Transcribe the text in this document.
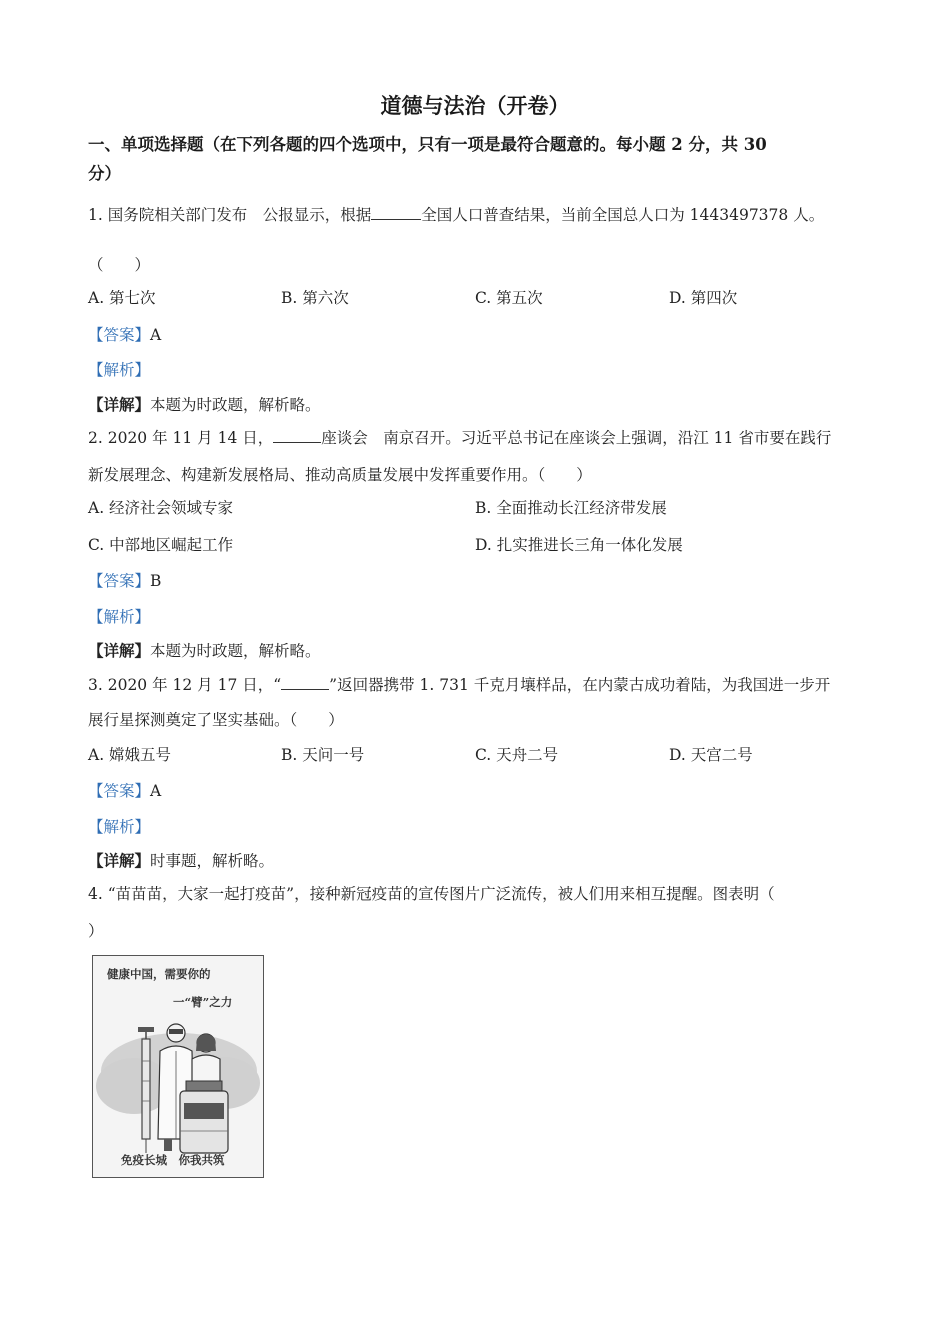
道德与法治（开卷）
一、单项选择题（在下列各题的四个选项中，只有一项是最符合题意的。每小题 2 分，共 30
分）
1. 国务院相关部门发布　公报显示，根据	全国人口普查结果，当前全国总人口为 1443497378 人。
（　　）
A. 第七次	B. 第六次	C. 第五次	D. 第四次
【答案】A
【解析】
【详解】本题为时政题，解析略。
2. 2020 年 11 月 14 日，	座谈会　南京召开。习近平总书记在座谈会上强调，沿江 11 省市要在践行
新发展理念、构建新发展格局、推动高质量发展中发挥重要作用。（　　）
A. 经济社会领域专家	B. 全面推动长江经济带发展
C. 中部地区崛起工作	D. 扎实推进长三角一体化发展
【答案】B
【解析】
【详解】本题为时政题，解析略。
3. 2020 年 12 月 17 日，“	”返回器携带 1. 731 千克月壤样品，在内蒙古成功着陆，为我国进一步开
展行星探测奠定了坚实基础。（　　）
A. 嫦娥五号	B. 天问一号	C. 天舟二号	D. 天宫二号
【答案】A
【解析】
【详解】时事题，解析略。
4. “苗苗苗，大家一起打疫苗”，接种新冠疫苗的宣传图片广泛流传，被人们用来相互提醒。图表明（
）
健康中国，需要你的
一“臂”之力
免疫长城　你我共筑
